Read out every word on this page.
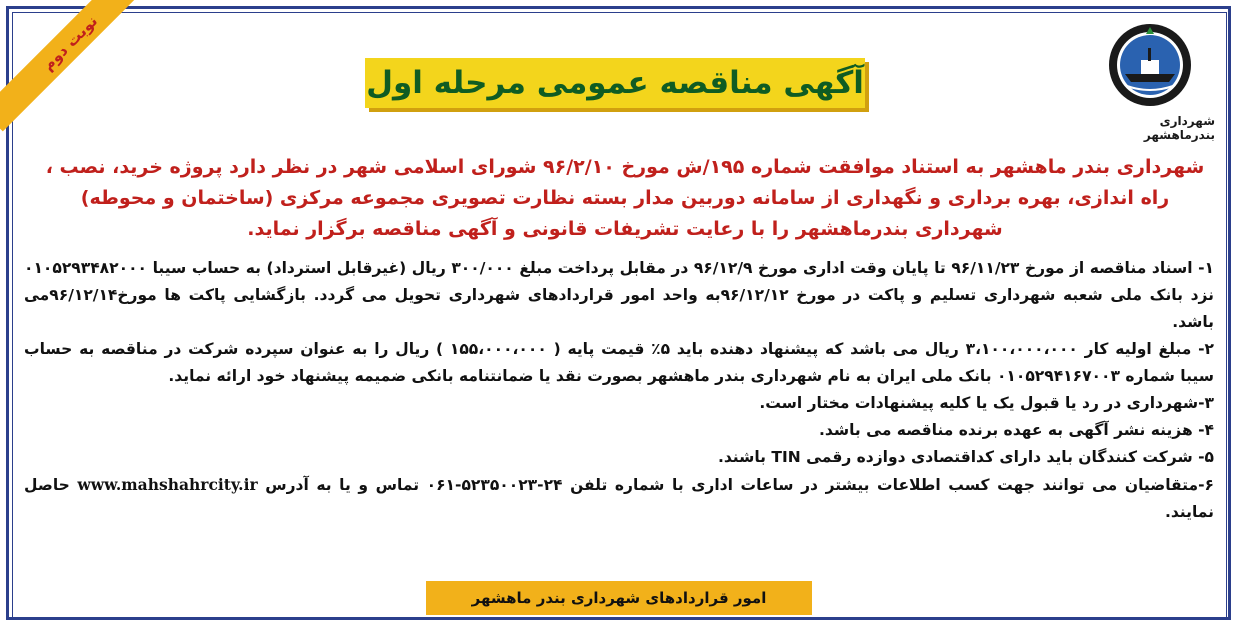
نوبت دوم
شهرداری بندرماهشهر
آگهی مناقصه عمومی مرحله اول
شهرداری بندر ماهشهر به استناد موافقت شماره ۱۹۵/ش مورخ ۹۶/۲/۱۰ شورای اسلامی شهر در نظر دارد پروژه خرید، نصب ، راه اندازی، بهره برداری و نگهداری از سامانه دوربین مدار بسته نظارت تصویری مجموعه مرکزی (ساختمان و محوطه) شهرداری بندرماهشهر را با رعایت تشریفات قانونی و آگهی مناقصه برگزار نماید.

۱- اسناد مناقصه از مورخ ۹۶/۱۱/۲۳ تا پایان وقت اداری مورخ ۹۶/۱۲/۹ در مقابل پرداخت مبلغ ۳۰۰/۰۰۰ ریال (غیرقابل استرداد) به حساب سیبا ۰۱۰۵۲۹۳۴۸۲۰۰۰ نزد بانک ملی شعبه شهرداری تسلیم و پاکت در مورخ ۹۶/۱۲/۱۲به واحد امور قراردادهای شهرداری تحویل می گردد. بازگشایی پاکت ها مورخ۹۶/۱۲/۱۴می باشد.

۲- مبلغ اولیه کار ۳،۱۰۰،۰۰۰،۰۰۰ ریال می باشد که پیشنهاد دهنده باید ۵٪ قیمت پایه ( ۱۵۵،۰۰۰،۰۰۰ ) ریال را به عنوان سپرده شرکت در مناقصه به حساب سیبا شماره ۰۱۰۵۲۹۴۱۶۷۰۰۳ بانک ملی ایران به نام شهرداری بندر ماهشهر بصورت نقد یا ضمانتنامه بانکی ضمیمه پیشنهاد خود ارائه نماید.

۳-شهرداری در رد یا قبول یک یا کلیه پیشنهادات مختار است.

۴- هزینه نشر آگهی به عهده برنده مناقصه می باشد.

۵- شرکت کنندگان باید دارای کداقتصادی دوازده رقمی TIN باشند.

۶-متقاضیان می توانند جهت کسب اطلاعات بیشتر در ساعات اداری با شماره تلفن ۲۴-۵۲۳۵۰۰۲۳-۰۶۱ تماس و یا به آدرس www.mahshahrcity.ir حاصل نمایند.

امور قراردادهای شهرداری بندر ماهشهر
